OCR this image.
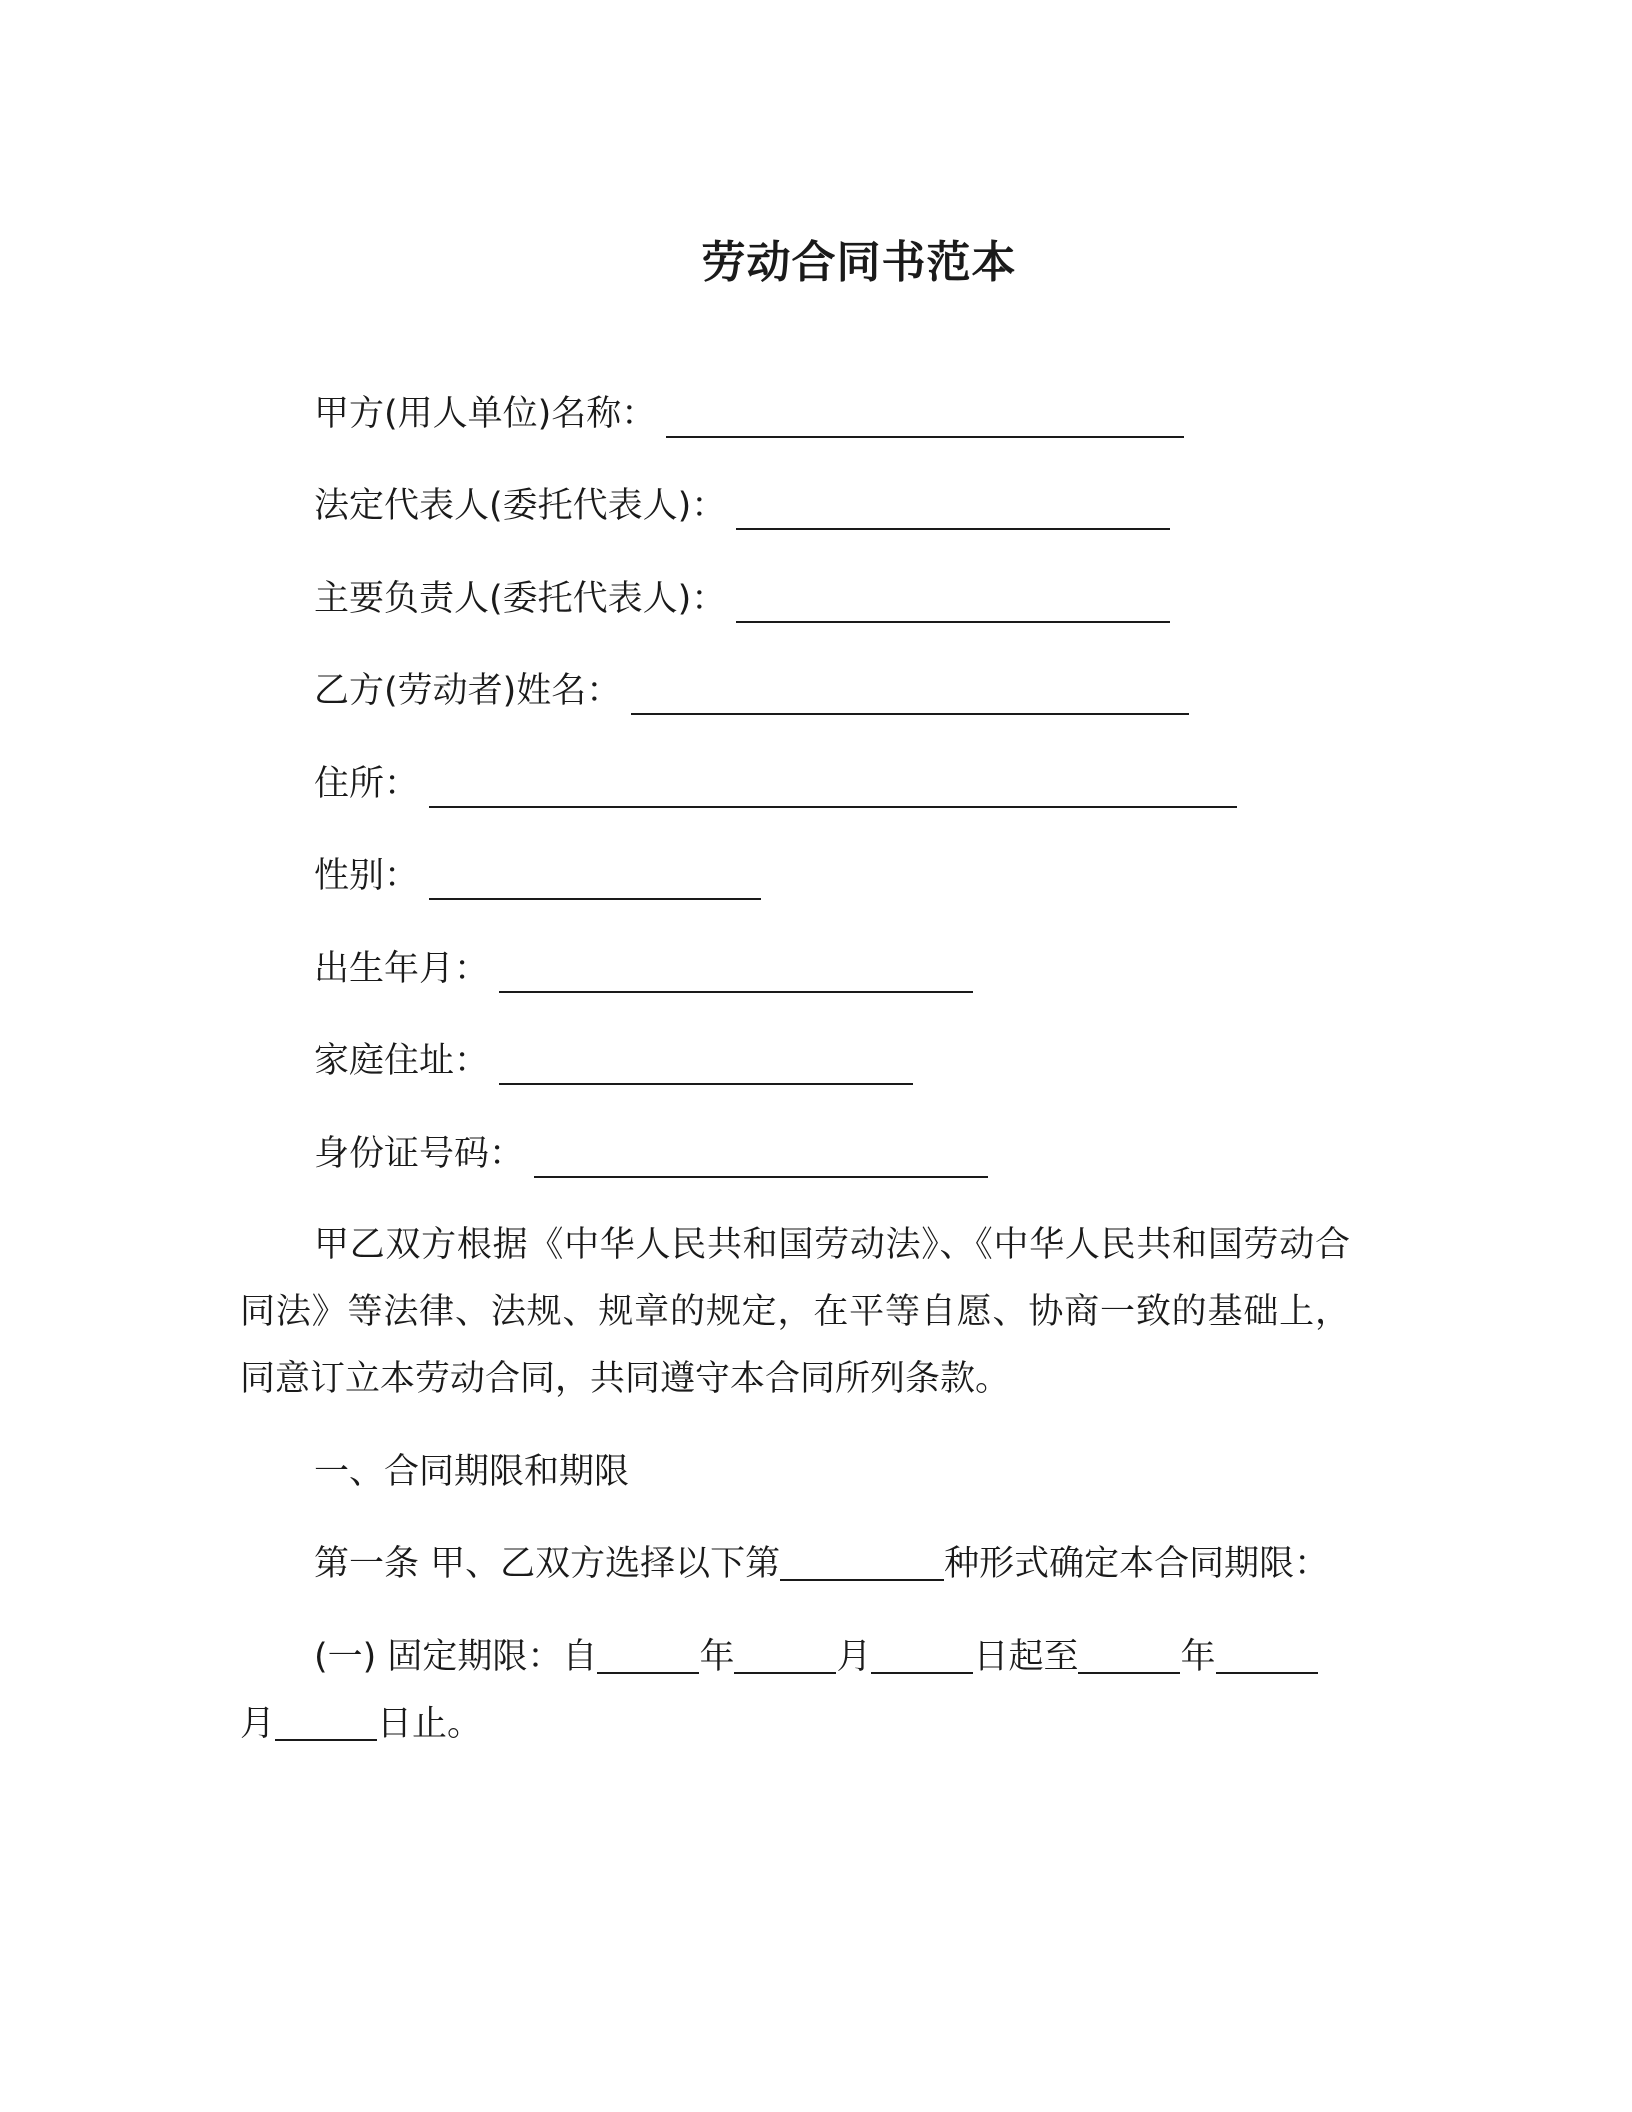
劳动合同书范本
甲方(用人单位)名称：
法定代表人(委托代表人)：
主要负责人(委托代表人)：
乙方(劳动者)姓名：
住所：
性别：
出生年月：
家庭住址：
身份证号码：
甲乙双方根据《中华人民共和国劳动法》、《中华人民共和国劳动合同法》等法律、法规、规章的规定，在平等自愿、协商一致的基础上，同意订立本劳动合同，共同遵守本合同所列条款。
一、合同期限和期限
第一条 甲、乙双方选择以下第	种形式确定本合同期限：
(一) 固定期限：自	年	月	日起至	年
月	日止。
